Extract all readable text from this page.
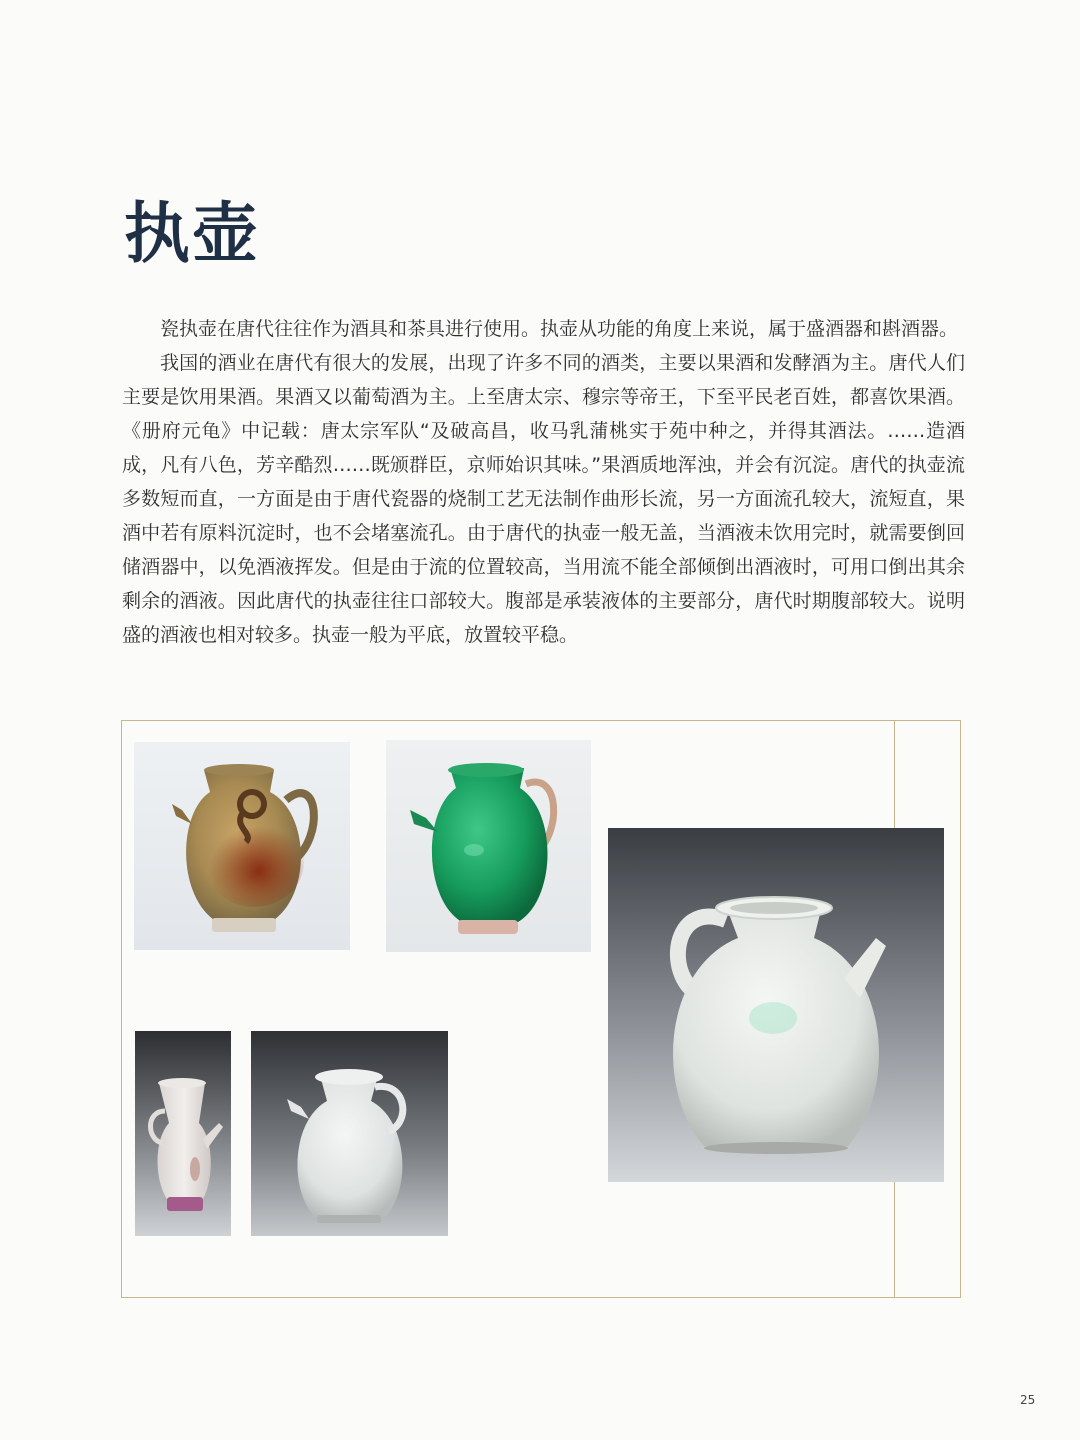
执壶

瓷执壶在唐代往往作为酒具和茶具进行使用。执壶从功能的角度上来说，属于盛酒器和斟酒器。

我国的酒业在唐代有很大的发展，出现了许多不同的酒类，主要以果酒和发酵酒为主。唐代人们主要是饮用果酒。果酒又以葡萄酒为主。上至唐太宗、穆宗等帝王，下至平民老百姓，都喜饮果酒。《册府元龟》中记载：唐太宗军队“及破高昌，收马乳蒲桃实于苑中种之，并得其酒法。……造酒成，凡有八色，芳辛酷烈……既颁群臣，京师始识其味。”果酒质地浑浊，并会有沉淀。唐代的执壶流多数短而直，一方面是由于唐代瓷器的烧制工艺无法制作曲形长流，另一方面流孔较大，流短直，果酒中若有原料沉淀时，也不会堵塞流孔。由于唐代的执壶一般无盖，当酒液未饮用完时，就需要倒回储酒器中，以免酒液挥发。但是由于流的位置较高，当用流不能全部倾倒出酒液时，可用口倒出其余剩余的酒液。因此唐代的执壶往往口部较大。腹部是承装液体的主要部分，唐代时期腹部较大。说明盛的酒液也相对较多。执壶一般为平底，放置较平稳。

25
